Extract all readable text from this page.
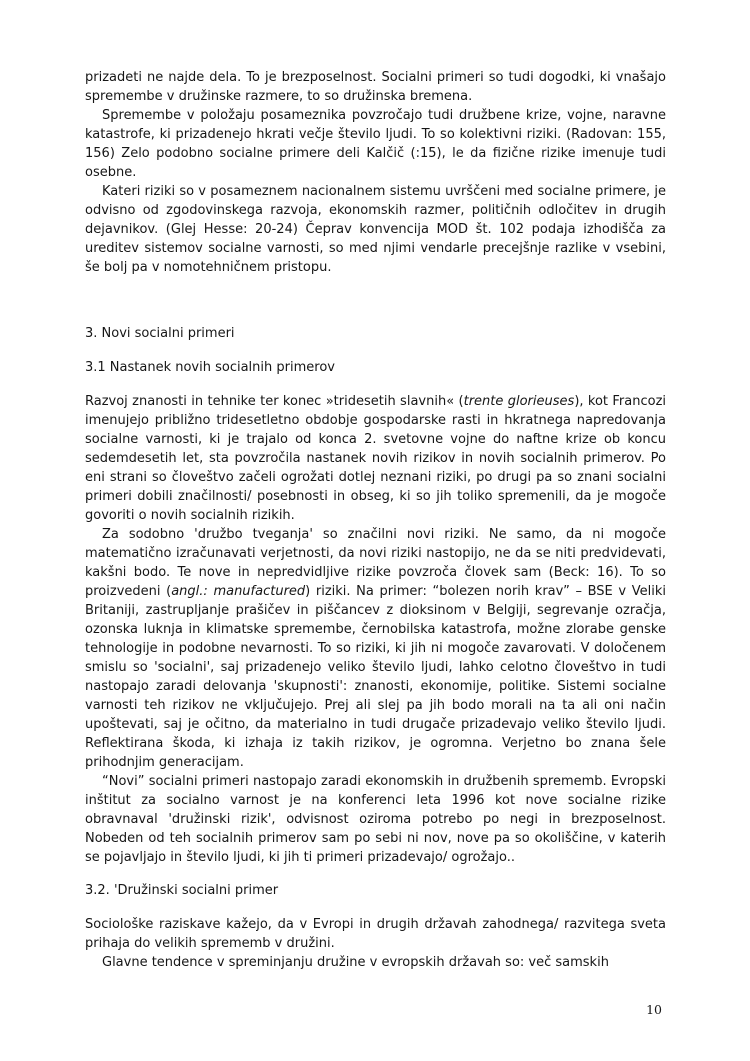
prizadeti ne najde dela. To je brezposelnost. Socialni primeri so tudi dogodki, ki vnašajo spremembe v družinske razmere, to so družinska bremena.

Spremembe v položaju posameznika povzročajo tudi družbene krize, vojne, naravne katastrofe, ki prizadenejo hkrati večje število ljudi. To so kolektivni riziki. (Radovan: 155, 156) Zelo podobno socialne primere deli Kalčič (:15), le da fizične rizike imenuje tudi osebne.

Kateri riziki so v posameznem nacionalnem sistemu uvrščeni med socialne primere, je odvisno od zgodovinskega razvoja, ekonomskih razmer, političnih odločitev in drugih dejavnikov. (Glej Hesse: 20-24) Čeprav konvencija MOD št. 102 podaja izhodišča za ureditev sistemov socialne varnosti, so med njimi vendarle precejšnje razlike v vsebini, še bolj pa v nomotehničnem pristopu.

3. Novi socialni primeri

3.1 Nastanek novih socialnih primerov

Razvoj znanosti in tehnike ter konec »tridesetih slavnih« (trente glorieuses), kot Francozi imenujejo približno tridesetletno obdobje gospodarske rasti in hkratnega napredovanja socialne varnosti, ki je trajalo od konca 2. svetovne vojne do naftne krize ob koncu sedemdesetih let, sta povzročila nastanek novih rizikov in novih socialnih primerov. Po eni strani so človeštvo začeli ogrožati dotlej neznani riziki, po drugi pa so znani socialni primeri dobili značilnosti/ posebnosti in obseg, ki so jih toliko spremenili, da je mogoče govoriti o novih socialnih rizikih.

Za sodobno 'družbo tveganja' so značilni novi riziki. Ne samo, da ni mogoče matematično izračunavati verjetnosti, da novi riziki nastopijo, ne da se niti predvidevati, kakšni bodo. Te nove in nepredvidljive rizike povzroča človek sam (Beck: 16). To so proizvedeni (angl.: manufactured) riziki. Na primer: “bolezen norih krav” – BSE v Veliki Britaniji, zastrupljanje prašičev in piščancev z dioksinom v Belgiji, segrevanje ozračja, ozonska luknja in klimatske spremembe, černobilska katastrofa, možne zlorabe genske tehnologije in podobne nevarnosti. To so riziki, ki jih ni mogoče zavarovati. V določenem smislu so 'socialni', saj prizadenejo veliko število ljudi, lahko celotno človeštvo in tudi nastopajo zaradi delovanja 'skupnosti': znanosti, ekonomije, politike. Sistemi socialne varnosti teh rizikov ne vključujejo. Prej ali slej pa jih bodo morali na ta ali oni način upoštevati, saj je očitno, da materialno in tudi drugače prizadevajo veliko število ljudi. Reflektirana škoda, ki izhaja iz takih rizikov, je ogromna. Verjetno bo znana šele prihodnjim generacijam.

“Novi” socialni primeri nastopajo zaradi ekonomskih in družbenih sprememb. Evropski inštitut za socialno varnost je na konferenci leta 1996 kot nove socialne rizike obravnaval 'družinski rizik', odvisnost oziroma potrebo po negi in brezposelnost. Nobeden od teh socialnih primerov sam po sebi ni nov, nove pa so okoliščine, v katerih se pojavljajo in število ljudi, ki jih ti primeri prizadevajo/ ogrožajo..

3.2. 'Družinski socialni primer

Sociološke raziskave kažejo, da v Evropi in drugih državah zahodnega/ razvitega sveta prihaja do velikih sprememb v družini.

Glavne tendence v spreminjanju družine v evropskih državah so: več samskih

10
